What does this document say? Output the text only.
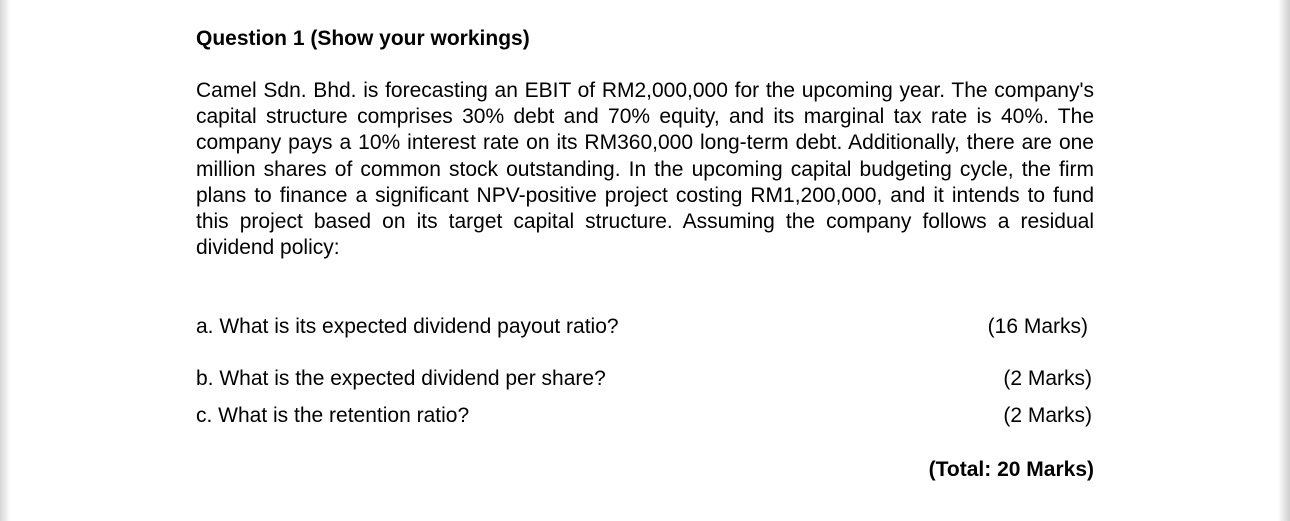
Question 1 (Show your workings)
Camel Sdn. Bhd. is forecasting an EBIT of RM2,000,000 for the upcoming year. The company's capital structure comprises 30% debt and 70% equity, and its marginal tax rate is 40%. The company pays a 10% interest rate on its RM360,000 long-term debt. Additionally, there are one million shares of common stock outstanding. In the upcoming capital budgeting cycle, the firm plans to finance a significant NPV-positive project costing RM1,200,000, and it intends to fund this project based on its target capital structure. Assuming the company follows a residual dividend policy:
a. What is its expected dividend payout ratio?	(16 Marks)
b. What is the expected dividend per share?	(2 Marks)
c. What is the retention ratio?	(2 Marks)
(Total: 20 Marks)
